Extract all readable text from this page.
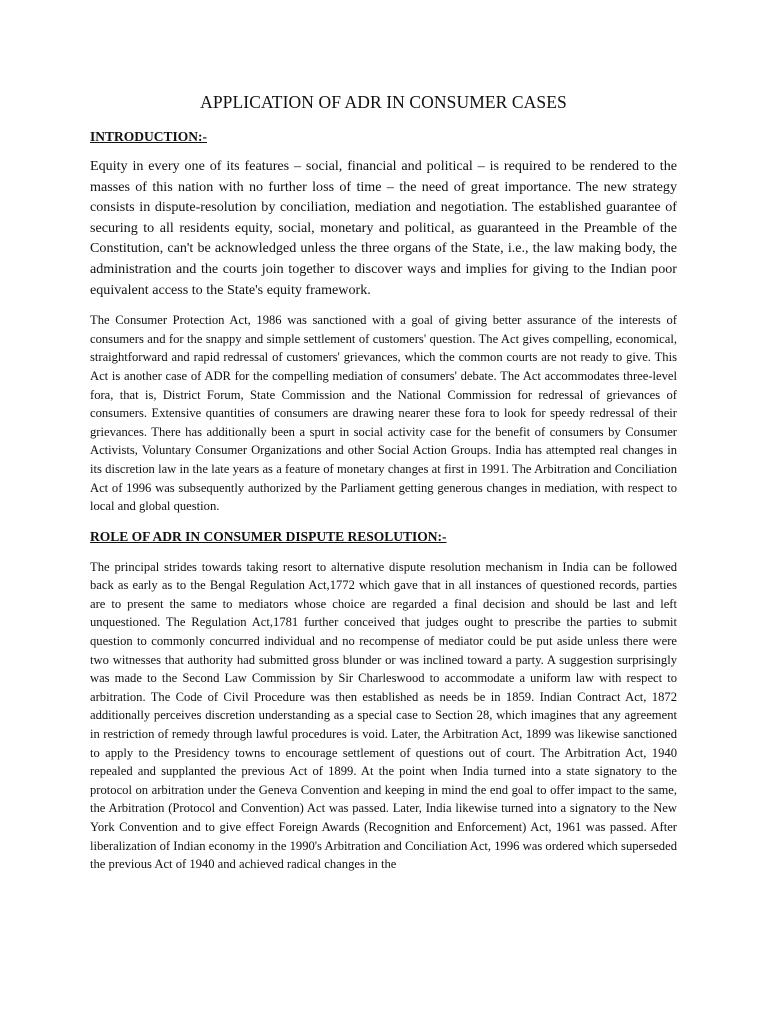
APPLICATION OF ADR IN CONSUMER CASES
INTRODUCTION:-

Equity in every one of its features – social, financial and political – is required to be rendered to the masses of this nation with no further loss of time – the need of great importance. The new strategy consists in dispute-resolution by conciliation, mediation and negotiation. The established guarantee of securing to all residents equity, social, monetary and political, as guaranteed in the Preamble of the Constitution, can't be acknowledged unless the three organs of the State, i.e., the law making body, the administration and the courts join together to discover ways and implies for giving to the Indian poor equivalent access to the State's equity framework.

The Consumer Protection Act, 1986 was sanctioned with a goal of giving better assurance of the interests of consumers and for the snappy and simple settlement of customers' question. The Act gives compelling, economical, straightforward and rapid redressal of customers' grievances, which the common courts are not ready to give. This Act is another case of ADR for the compelling mediation of consumers' debate. The Act accommodates three-level fora, that is, District Forum, State Commission and the National Commission for redressal of grievances of consumers. Extensive quantities of consumers are drawing nearer these fora to look for speedy redressal of their grievances. There has additionally been a spurt in social activity case for the benefit of consumers by Consumer Activists, Voluntary Consumer Organizations and other Social Action Groups. India has attempted real changes in its discretion law in the late years as a feature of monetary changes at first in 1991. The Arbitration and Conciliation Act of 1996 was subsequently authorized by the Parliament getting generous changes in mediation, with respect to local and global question.

ROLE OF ADR IN CONSUMER DISPUTE RESOLUTION:-

The principal strides towards taking resort to alternative dispute resolution mechanism in India can be followed back as early as to the Bengal Regulation Act,1772 which gave that in all instances of questioned records, parties are to present the same to mediators whose choice are regarded a final decision and should be last and left unquestioned. The Regulation Act,1781 further conceived that judges ought to prescribe the parties to submit question to commonly concurred individual and no recompense of mediator could be put aside unless there were two witnesses that authority had submitted gross blunder or was inclined toward a party. A suggestion surprisingly was made to the Second Law Commission by Sir Charleswood to accommodate a uniform law with respect to arbitration. The Code of Civil Procedure was then established as needs be in 1859. Indian Contract Act, 1872 additionally perceives discretion understanding as a special case to Section 28, which imagines that any agreement in restriction of remedy through lawful procedures is void. Later, the Arbitration Act, 1899 was likewise sanctioned to apply to the Presidency towns to encourage settlement of questions out of court. The Arbitration Act, 1940 repealed and supplanted the previous Act of 1899. At the point when India turned into a state signatory to the protocol on arbitration under the Geneva Convention and keeping in mind the end goal to offer impact to the same, the Arbitration (Protocol and Convention) Act was passed. Later, India likewise turned into a signatory to the New York Convention and to give effect Foreign Awards (Recognition and Enforcement) Act, 1961 was passed. After liberalization of Indian economy in the 1990's Arbitration and Conciliation Act, 1996 was ordered which superseded the previous Act of 1940 and achieved radical changes in the
